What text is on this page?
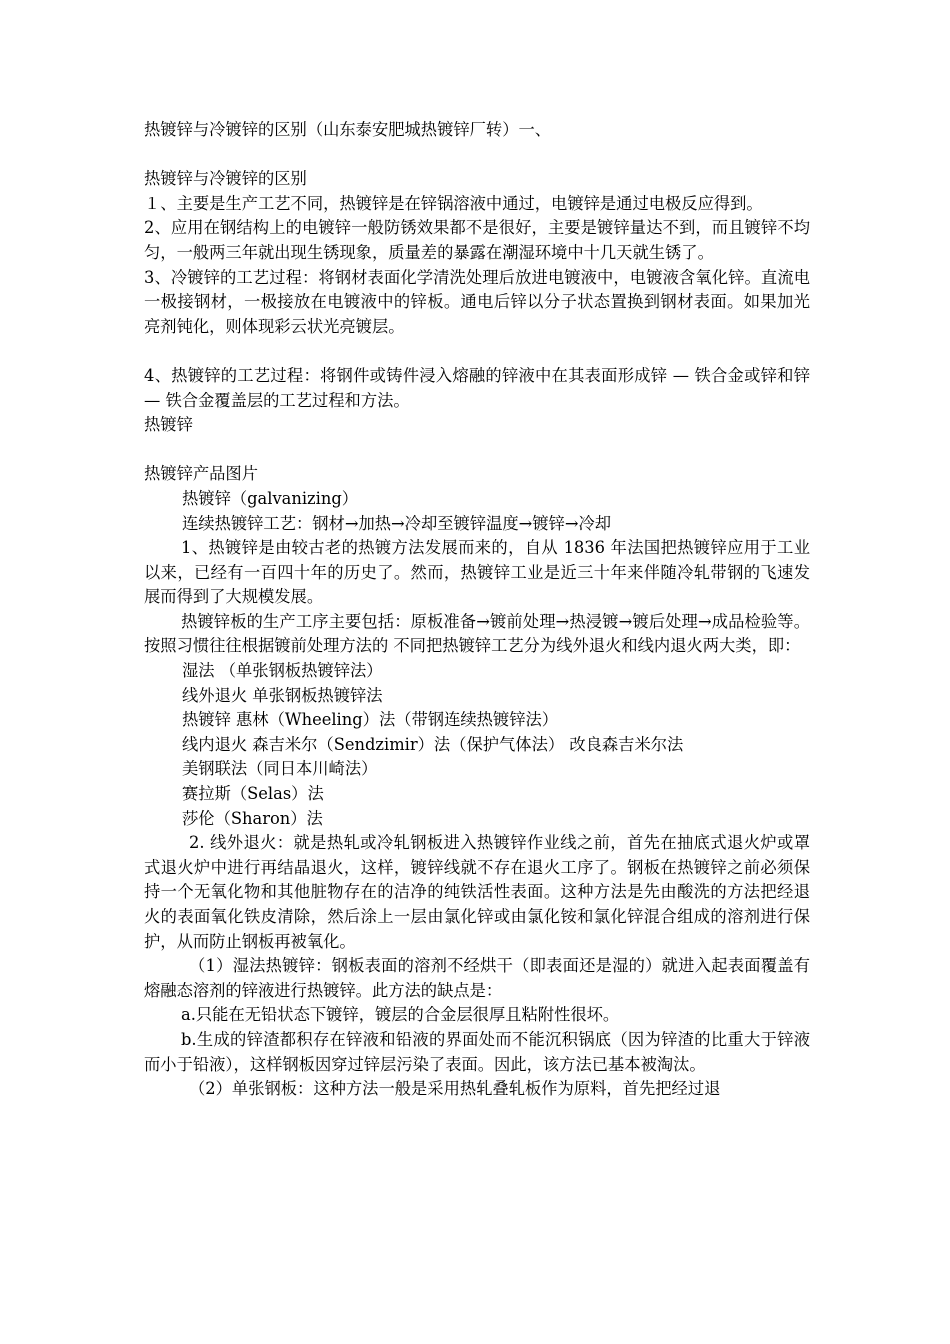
热镀锌与冷镀锌的区别（山东泰安肥城热镀锌厂转）一、

热镀锌与冷镀锌的区别

１、主要是生产工艺不同，热镀锌是在锌锅溶液中通过，电镀锌是通过电极反应得到。

2、应用在钢结构上的电镀锌一般防锈效果都不是很好，主要是镀锌量达不到，而且镀锌不均匀，一般两三年就出现生锈现象，质量差的暴露在潮湿环境中十几天就生锈了。

3、冷镀锌的工艺过程：将钢材表面化学清洗处理后放进电镀液中，电镀液含氧化锌。直流电一极接钢材，一极接放在电镀液中的锌板。通电后锌以分子状态置换到钢材表面。如果加光亮剂钝化，则体现彩云状光亮镀层。

4、热镀锌的工艺过程：将钢件或铸件浸入熔融的锌液中在其表面形成锌 — 铁合金或锌和锌 — 铁合金覆盖层的工艺过程和方法。

热镀锌

热镀锌产品图片

热镀锌（galvanizing）

连续热镀锌工艺：钢材→加热→冷却至镀锌温度→镀锌→冷却

1、热镀锌是由较古老的热镀方法发展而来的，自从 1836 年法国把热镀锌应用于工业以来，已经有一百四十年的历史了。然而，热镀锌工业是近三十年来伴随冷轧带钢的飞速发展而得到了大规模发展。

热镀锌板的生产工序主要包括：原板准备→镀前处理→热浸镀→镀后处理→成品检验等。按照习惯往往根据镀前处理方法的 不同把热镀锌工艺分为线外退火和线内退火两大类，即：

湿法 （单张钢板热镀锌法）

线外退火 单张钢板热镀锌法

热镀锌 惠林（Wheeling）法（带钢连续热镀锌法）

线内退火 森吉米尔（Sendzimir）法（保护气体法） 改良森吉米尔法

美钢联法（同日本川崎法）

赛拉斯（Selas）法

莎伦（Sharon）法

2. 线外退火：就是热轧或冷轧钢板进入热镀锌作业线之前，首先在抽底式退火炉或罩式退火炉中进行再结晶退火，这样，镀锌线就不存在退火工序了。钢板在热镀锌之前必须保持一个无氧化物和其他脏物存在的洁净的纯铁活性表面。这种方法是先由酸洗的方法把经退火的表面氧化铁皮清除，然后涂上一层由氯化锌或由氯化铵和氯化锌混合组成的溶剂进行保护，从而防止钢板再被氧化。

（1）湿法热镀锌：钢板表面的溶剂不经烘干（即表面还是湿的）就进入起表面覆盖有熔融态溶剂的锌液进行热镀锌。此方法的缺点是：

a.只能在无铅状态下镀锌，镀层的合金层很厚且粘附性很坏。

b.生成的锌渣都积存在锌液和铅液的界面处而不能沉积锅底（因为锌渣的比重大于锌液而小于铅液），这样钢板因穿过锌层污染了表面。因此，该方法已基本被淘汰。

（2）单张钢板：这种方法一般是采用热轧叠轧板作为原料，首先把经过退
